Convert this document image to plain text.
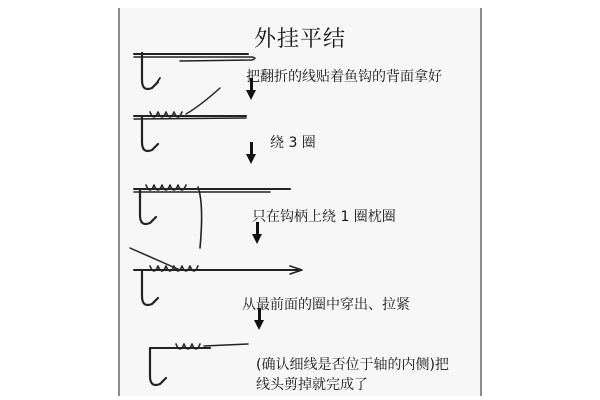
外挂平结
把翻折的线贴着鱼钩的背面拿好
绕 3 圈
只在钩柄上绕 1 圈枕圈
从最前面的圈中穿出、拉紧
(确认细线是否位于轴的内侧)把
线头剪掉就完成了
